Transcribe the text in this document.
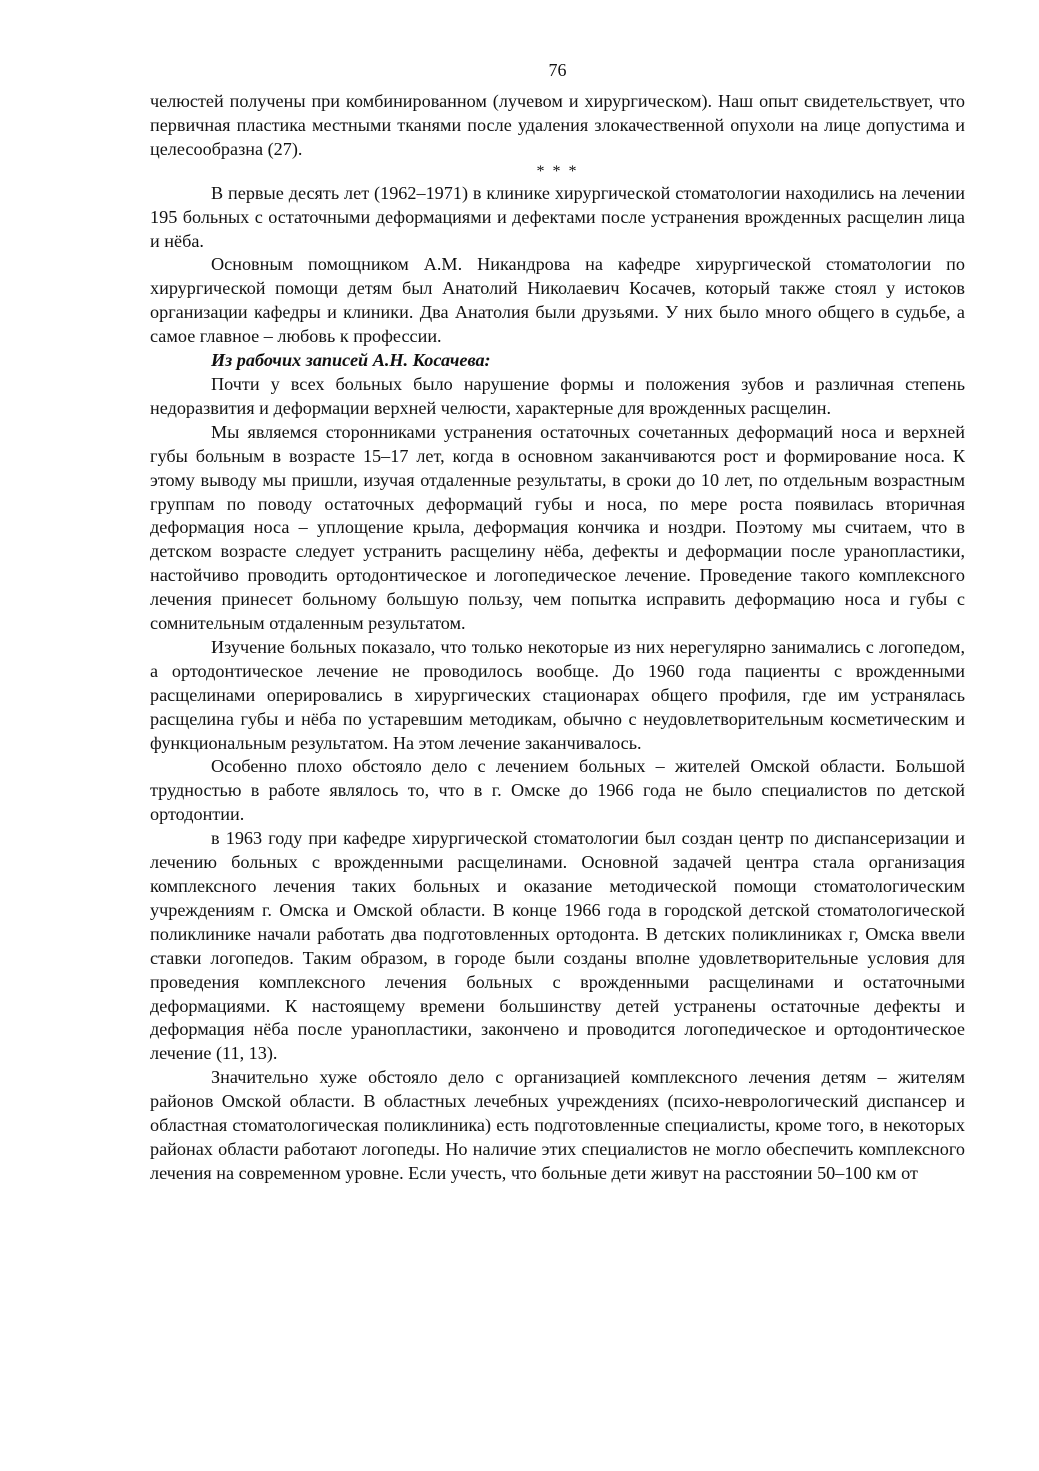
76

челюстей получены при комбинированном (лучевом и хирургическом). Наш опыт свидетельствует, что первичная пластика местными тканями после удаления злокачественной опухоли на лице допустима и целесообразна (27).

* * *

В первые десять лет (1962–1971) в клинике хирургической стоматологии находились на лечении 195 больных с остаточными деформациями и дефектами после устранения врожденных расщелин лица и нёба.

Основным помощником А.М. Никандрова на кафедре хирургической стоматологии по хирургической помощи детям был Анатолий Николаевич Косачев, который также стоял у истоков организации кафедры и клиники. Два Анатолия были друзьями. У них было много общего в судьбе, а самое главное – любовь к профессии.

Из рабочих записей А.Н. Косачева:

Почти у всех больных было нарушение формы и положения зубов и различная степень недоразвития и деформации верхней челюсти, характерные для врожденных расщелин.

Мы являемся сторонниками устранения остаточных сочетанных деформаций носа и верхней губы больным в возрасте 15–17 лет, когда в основном заканчиваются рост и формирование носа. К этому выводу мы пришли, изучая отдаленные результаты, в сроки до 10 лет, по отдельным возрастным группам по поводу остаточных деформаций губы и носа, по мере роста появилась вторичная деформация носа – уплощение крыла, деформация кончика и ноздри. Поэтому мы считаем, что в детском возрасте следует устранить расщелину нёба, дефекты и деформации после уранопластики, настойчиво проводить ортодонтическое и логопедическое лечение. Проведение такого комплексного лечения принесет больному большую пользу, чем попытка исправить деформацию носа и губы с сомнительным отдаленным результатом.

Изучение больных показало, что только некоторые из них нерегулярно занимались с логопедом, а ортодонтическое лечение не проводилось вообще. До 1960 года пациенты с врожденными расщелинами оперировались в хирургических стационарах общего профиля, где им устранялась расщелина губы и нёба по устаревшим методикам, обычно с неудовлетворительным косметическим и функциональным результатом. На этом лечение заканчивалось.

Особенно плохо обстояло дело с лечением больных – жителей Омской области. Большой трудностью в работе являлось то, что в г. Омске до 1966 года не было специалистов по детской ортодонтии.

в 1963 году при кафедре хирургической стоматологии был создан центр по диспансеризации и лечению больных с врожденными расщелинами. Основной задачей центра стала организация комплексного лечения таких больных и оказание методической помощи стоматологическим учреждениям г. Омска и Омской области. В конце 1966 года в городской детской стоматологической поликлинике начали работать два подготовленных ортодонта. В детских поликлиниках г, Омска ввели ставки логопедов. Таким образом, в городе были созданы вполне удовлетворительные условия для проведения комплексного лечения больных с врожденными расщелинами и остаточными деформациями. К настоящему времени большинству детей устранены остаточные дефекты и деформация нёба после уранопластики, закончено и проводится логопедическое и ортодонтическое лечение (11, 13).

Значительно хуже обстояло дело с организацией комплексного лечения детям – жителям районов Омской области. В областных лечебных учреждениях (психо-неврологический диспансер и областная стоматологическая поликлиника) есть подготовленные специалисты, кроме того, в некоторых районах области работают логопеды. Но наличие этих специалистов не могло обеспечить комплексного лечения на современном уровне. Если учесть, что больные дети живут на расстоянии 50–100 км от
